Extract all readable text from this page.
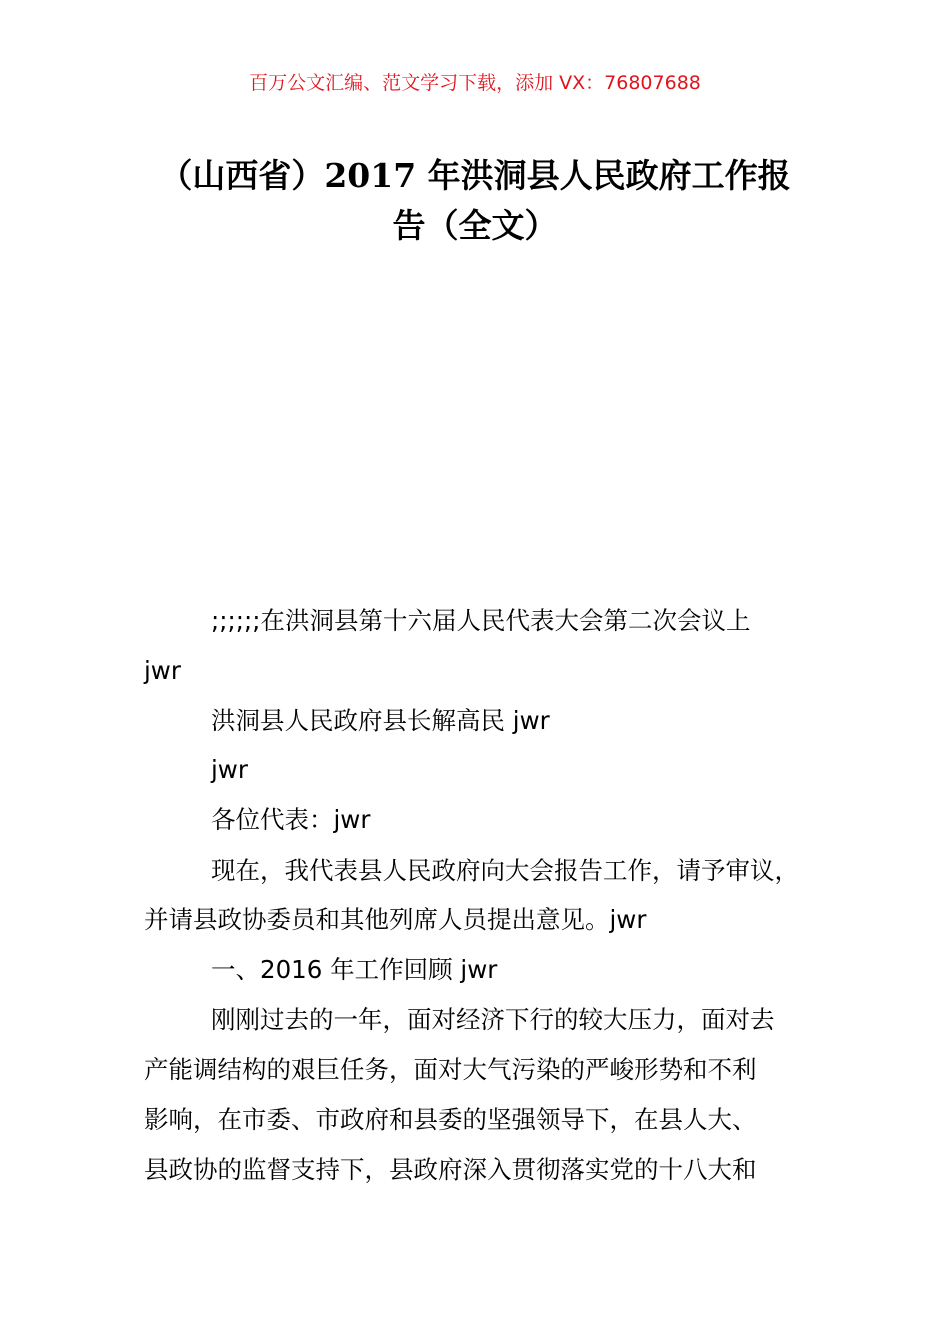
百万公文汇编、范文学习下载，添加 VX：76807688
（山西省）2017 年洪洞县人民政府工作报
告（全文）
;;;;;;在洪洞县第十六届人民代表大会第二次会议上
jwr
洪洞县人民政府县长解高民 jwr
jwr
各位代表：jwr
现在，我代表县人民政府向大会报告工作，请予审议，
并请县政协委员和其他列席人员提出意见。jwr
一、2016 年工作回顾 jwr
刚刚过去的一年，面对经济下行的较大压力，面对去
产能调结构的艰巨任务，面对大气污染的严峻形势和不利
影响，在市委、市政府和县委的坚强领导下，在县人大、
县政协的监督支持下，县政府深入贯彻落实党的十八大和
